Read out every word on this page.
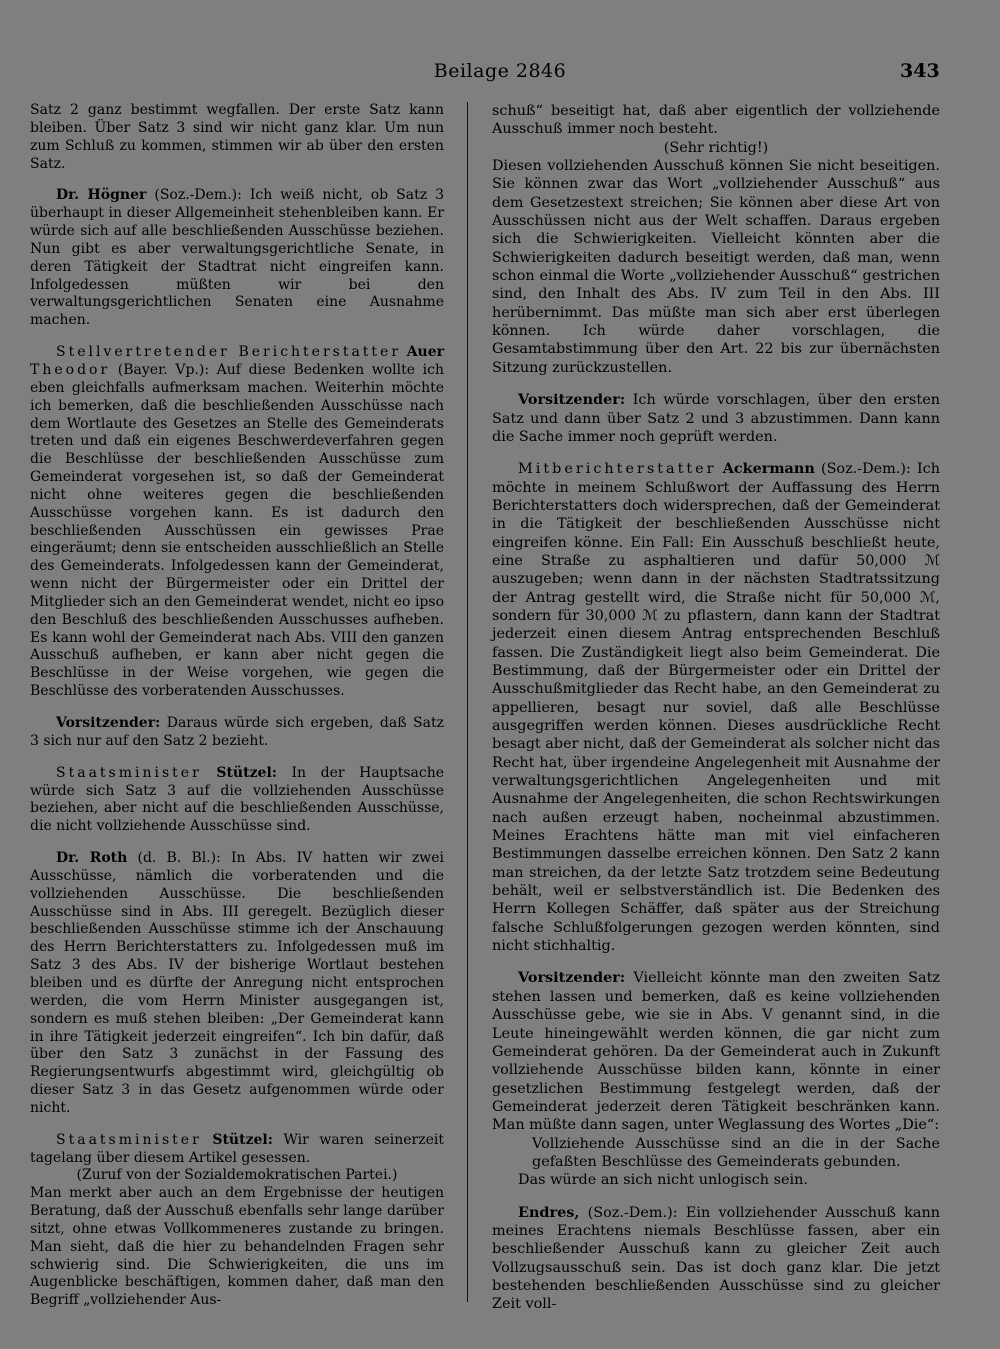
Beilage 2846	343

Satz 2 ganz bestimmt wegfallen. Der erste Satz kann bleiben. Über Satz 3 sind wir nicht ganz klar. Um nun zum Schluß zu kommen, stimmen wir ab über den ersten Satz.

Dr. Högner (Soz.-Dem.): Ich weiß nicht, ob Satz 3 überhaupt in dieser Allgemeinheit stehenbleiben kann. Er würde sich auf alle beschließenden Ausschüsse beziehen. Nun gibt es aber verwaltungsgerichtliche Senate, in deren Tätigkeit der Stadtrat nicht eingreifen kann. Infolgedessen müßten wir bei den verwaltungsgerichtlichen Senaten eine Ausnahme machen.

Stellvertretender Berichterstatter Auer Theodor (Bayer. Vp.): Auf diese Bedenken wollte ich eben gleichfalls aufmerksam machen. Weiterhin möchte ich bemerken, daß die beschließenden Ausschüsse nach dem Wortlaute des Gesetzes an Stelle des Gemeinderats treten und daß ein eigenes Beschwerdeverfahren gegen die Beschlüsse der beschließenden Ausschüsse zum Gemeinderat vorgesehen ist, so daß der Gemeinderat nicht ohne weiteres gegen die beschließenden Ausschüsse vorgehen kann. Es ist dadurch den beschließenden Ausschüssen ein gewisses Prae eingeräumt; denn sie entscheiden ausschließlich an Stelle des Gemeinderats. Infolgedessen kann der Gemeinderat, wenn nicht der Bürgermeister oder ein Drittel der Mitglieder sich an den Gemeinderat wendet, nicht eo ipso den Beschluß des beschließenden Ausschusses aufheben. Es kann wohl der Gemeinderat nach Abs. VIII den ganzen Ausschuß aufheben, er kann aber nicht gegen die Beschlüsse in der Weise vorgehen, wie gegen die Beschlüsse des vorberatenden Ausschusses.

Vorsitzender: Daraus würde sich ergeben, daß Satz 3 sich nur auf den Satz 2 bezieht.

Staatsminister Stützel: In der Hauptsache würde sich Satz 3 auf die vollziehenden Ausschüsse beziehen, aber nicht auf die beschließenden Ausschüsse, die nicht vollziehende Ausschüsse sind.

Dr. Roth (d. B. Bl.): In Abs. IV hatten wir zwei Ausschüsse, nämlich die vorberatenden und die vollziehenden Ausschüsse. Die beschließenden Ausschüsse sind in Abs. III geregelt. Bezüglich dieser beschließenden Ausschüsse stimme ich der Anschauung des Herrn Berichterstatters zu. Infolgedessen muß im Satz 3 des Abs. IV der bisherige Wortlaut bestehen bleiben und es dürfte der Anregung nicht entsprochen werden, die vom Herrn Minister ausgegangen ist, sondern es muß stehen bleiben: „Der Gemeinderat kann in ihre Tätigkeit jederzeit eingreifen“. Ich bin dafür, daß über den Satz 3 zunächst in der Fassung des Regierungsentwurfs abgestimmt wird, gleichgültig ob dieser Satz 3 in das Gesetz aufgenommen würde oder nicht.

Staatsminister Stützel: Wir waren seinerzeit tagelang über diesem Artikel gesessen.

(Zuruf von der Sozialdemokratischen Partei.)

Man merkt aber auch an dem Ergebnisse der heutigen Beratung, daß der Ausschuß ebenfalls sehr lange darüber sitzt, ohne etwas Vollkommeneres zustande zu bringen. Man sieht, daß die hier zu behandelnden Fragen sehr schwierig sind. Die Schwierigkeiten, die uns im Augenblicke beschäftigen, kommen daher, daß man den Begriff „vollziehender Aus-

schuß“ beseitigt hat, daß aber eigentlich der vollziehende Ausschuß immer noch besteht.

(Sehr richtig!)

Diesen vollziehenden Ausschuß können Sie nicht beseitigen. Sie können zwar das Wort „vollziehender Ausschuß“ aus dem Gesetzestext streichen; Sie können aber diese Art von Ausschüssen nicht aus der Welt schaffen. Daraus ergeben sich die Schwierigkeiten. Vielleicht könnten aber die Schwierigkeiten dadurch beseitigt werden, daß man, wenn schon einmal die Worte „vollziehender Ausschuß“ gestrichen sind, den Inhalt des Abs. IV zum Teil in den Abs. III herübernimmt. Das müßte man sich aber erst überlegen können. Ich würde daher vorschlagen, die Gesamtabstimmung über den Art. 22 bis zur übernächsten Sitzung zurückzustellen.

Vorsitzender: Ich würde vorschlagen, über den ersten Satz und dann über Satz 2 und 3 abzustimmen. Dann kann die Sache immer noch geprüft werden.

Mitberichterstatter Ackermann (Soz.-Dem.): Ich möchte in meinem Schlußwort der Auffassung des Herrn Berichterstatters doch widersprechen, daß der Gemeinderat in die Tätigkeit der beschließenden Ausschüsse nicht eingreifen könne. Ein Fall: Ein Ausschuß beschließt heute, eine Straße zu asphaltieren und dafür 50,000 ℳ auszugeben; wenn dann in der nächsten Stadtratssitzung der Antrag gestellt wird, die Straße nicht für 50,000 ℳ, sondern für 30,000 ℳ zu pflastern, dann kann der Stadtrat jederzeit einen diesem Antrag entsprechenden Beschluß fassen. Die Zuständigkeit liegt also beim Gemeinderat. Die Bestimmung, daß der Bürgermeister oder ein Drittel der Ausschußmitglieder das Recht habe, an den Gemeinderat zu appellieren, besagt nur soviel, daß alle Beschlüsse ausgegriffen werden können. Dieses ausdrückliche Recht besagt aber nicht, daß der Gemeinderat als solcher nicht das Recht hat, über irgendeine Angelegenheit mit Ausnahme der verwaltungsgerichtlichen Angelegenheiten und mit Ausnahme der Angelegenheiten, die schon Rechtswirkungen nach außen erzeugt haben, nocheinmal abzustimmen. Meines Erachtens hätte man mit viel einfacheren Bestimmungen dasselbe erreichen können. Den Satz 2 kann man streichen, da der letzte Satz trotzdem seine Bedeutung behält, weil er selbstverständlich ist. Die Bedenken des Herrn Kollegen Schäffer, daß später aus der Streichung falsche Schlußfolgerungen gezogen werden könnten, sind nicht stichhaltig.

Vorsitzender: Vielleicht könnte man den zweiten Satz stehen lassen und bemerken, daß es keine vollziehenden Ausschüsse gebe, wie sie in Abs. V genannt sind, in die Leute hineingewählt werden können, die gar nicht zum Gemeinderat gehören. Da der Gemeinderat auch in Zukunft vollziehende Ausschüsse bilden kann, könnte in einer gesetzlichen Bestimmung festgelegt werden, daß der Gemeinderat jederzeit deren Tätigkeit beschränken kann. Man müßte dann sagen, unter Weglassung des Wortes „Die“:

Vollziehende Ausschüsse sind an die in der Sache gefaßten Beschlüsse des Gemeinderats gebunden.

Das würde an sich nicht unlogisch sein.

Endres, (Soz.-Dem.): Ein vollziehender Ausschuß kann meines Erachtens niemals Beschlüsse fassen, aber ein beschließender Ausschuß kann zu gleicher Zeit auch Vollzugsausschuß sein. Das ist doch ganz klar. Die jetzt bestehenden beschließenden Ausschüsse sind zu gleicher Zeit voll-
